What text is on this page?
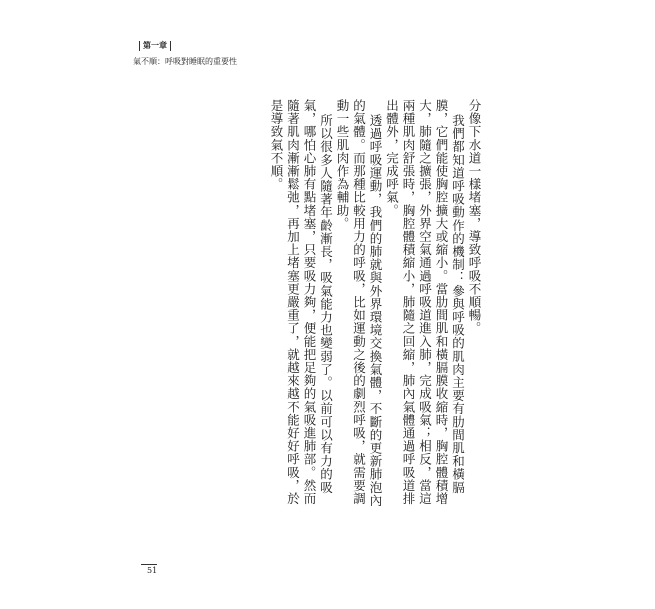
第一章
氣不順：呼吸對睡眠的重要性

分像下水道一樣堵塞，導致呼吸不順暢。

我們都知道呼吸動作的機制：參與呼吸的肌肉主要有肋間肌和橫膈膜，它們能使胸腔擴大或縮小。當肋間肌和橫膈膜收縮時，胸腔體積增大，肺隨之擴張，外界空氣通過呼吸道進入肺，完成吸氣；相反，當這兩種肌肉舒張時，胸腔體積縮小，肺隨之回縮，肺內氣體通過呼吸道排出體外，完成呼氣。

透過呼吸運動，我們的肺就與外界環境交換氣體，不斷的更新肺泡內的氣體。而那種比較用力的呼吸，比如運動之後的劇烈呼吸，就需要調動一些肌肉作為輔助。

所以很多人隨著年齡漸長，吸氣能力也變弱了。以前可以有力的吸氣，哪怕心肺有點堵塞，只要吸力夠，便能把足夠的氣吸進肺部。然而隨著肌肉漸漸鬆弛，再加上堵塞更嚴重了，就越來越不能好好呼吸，於是導致氣不順。

51
